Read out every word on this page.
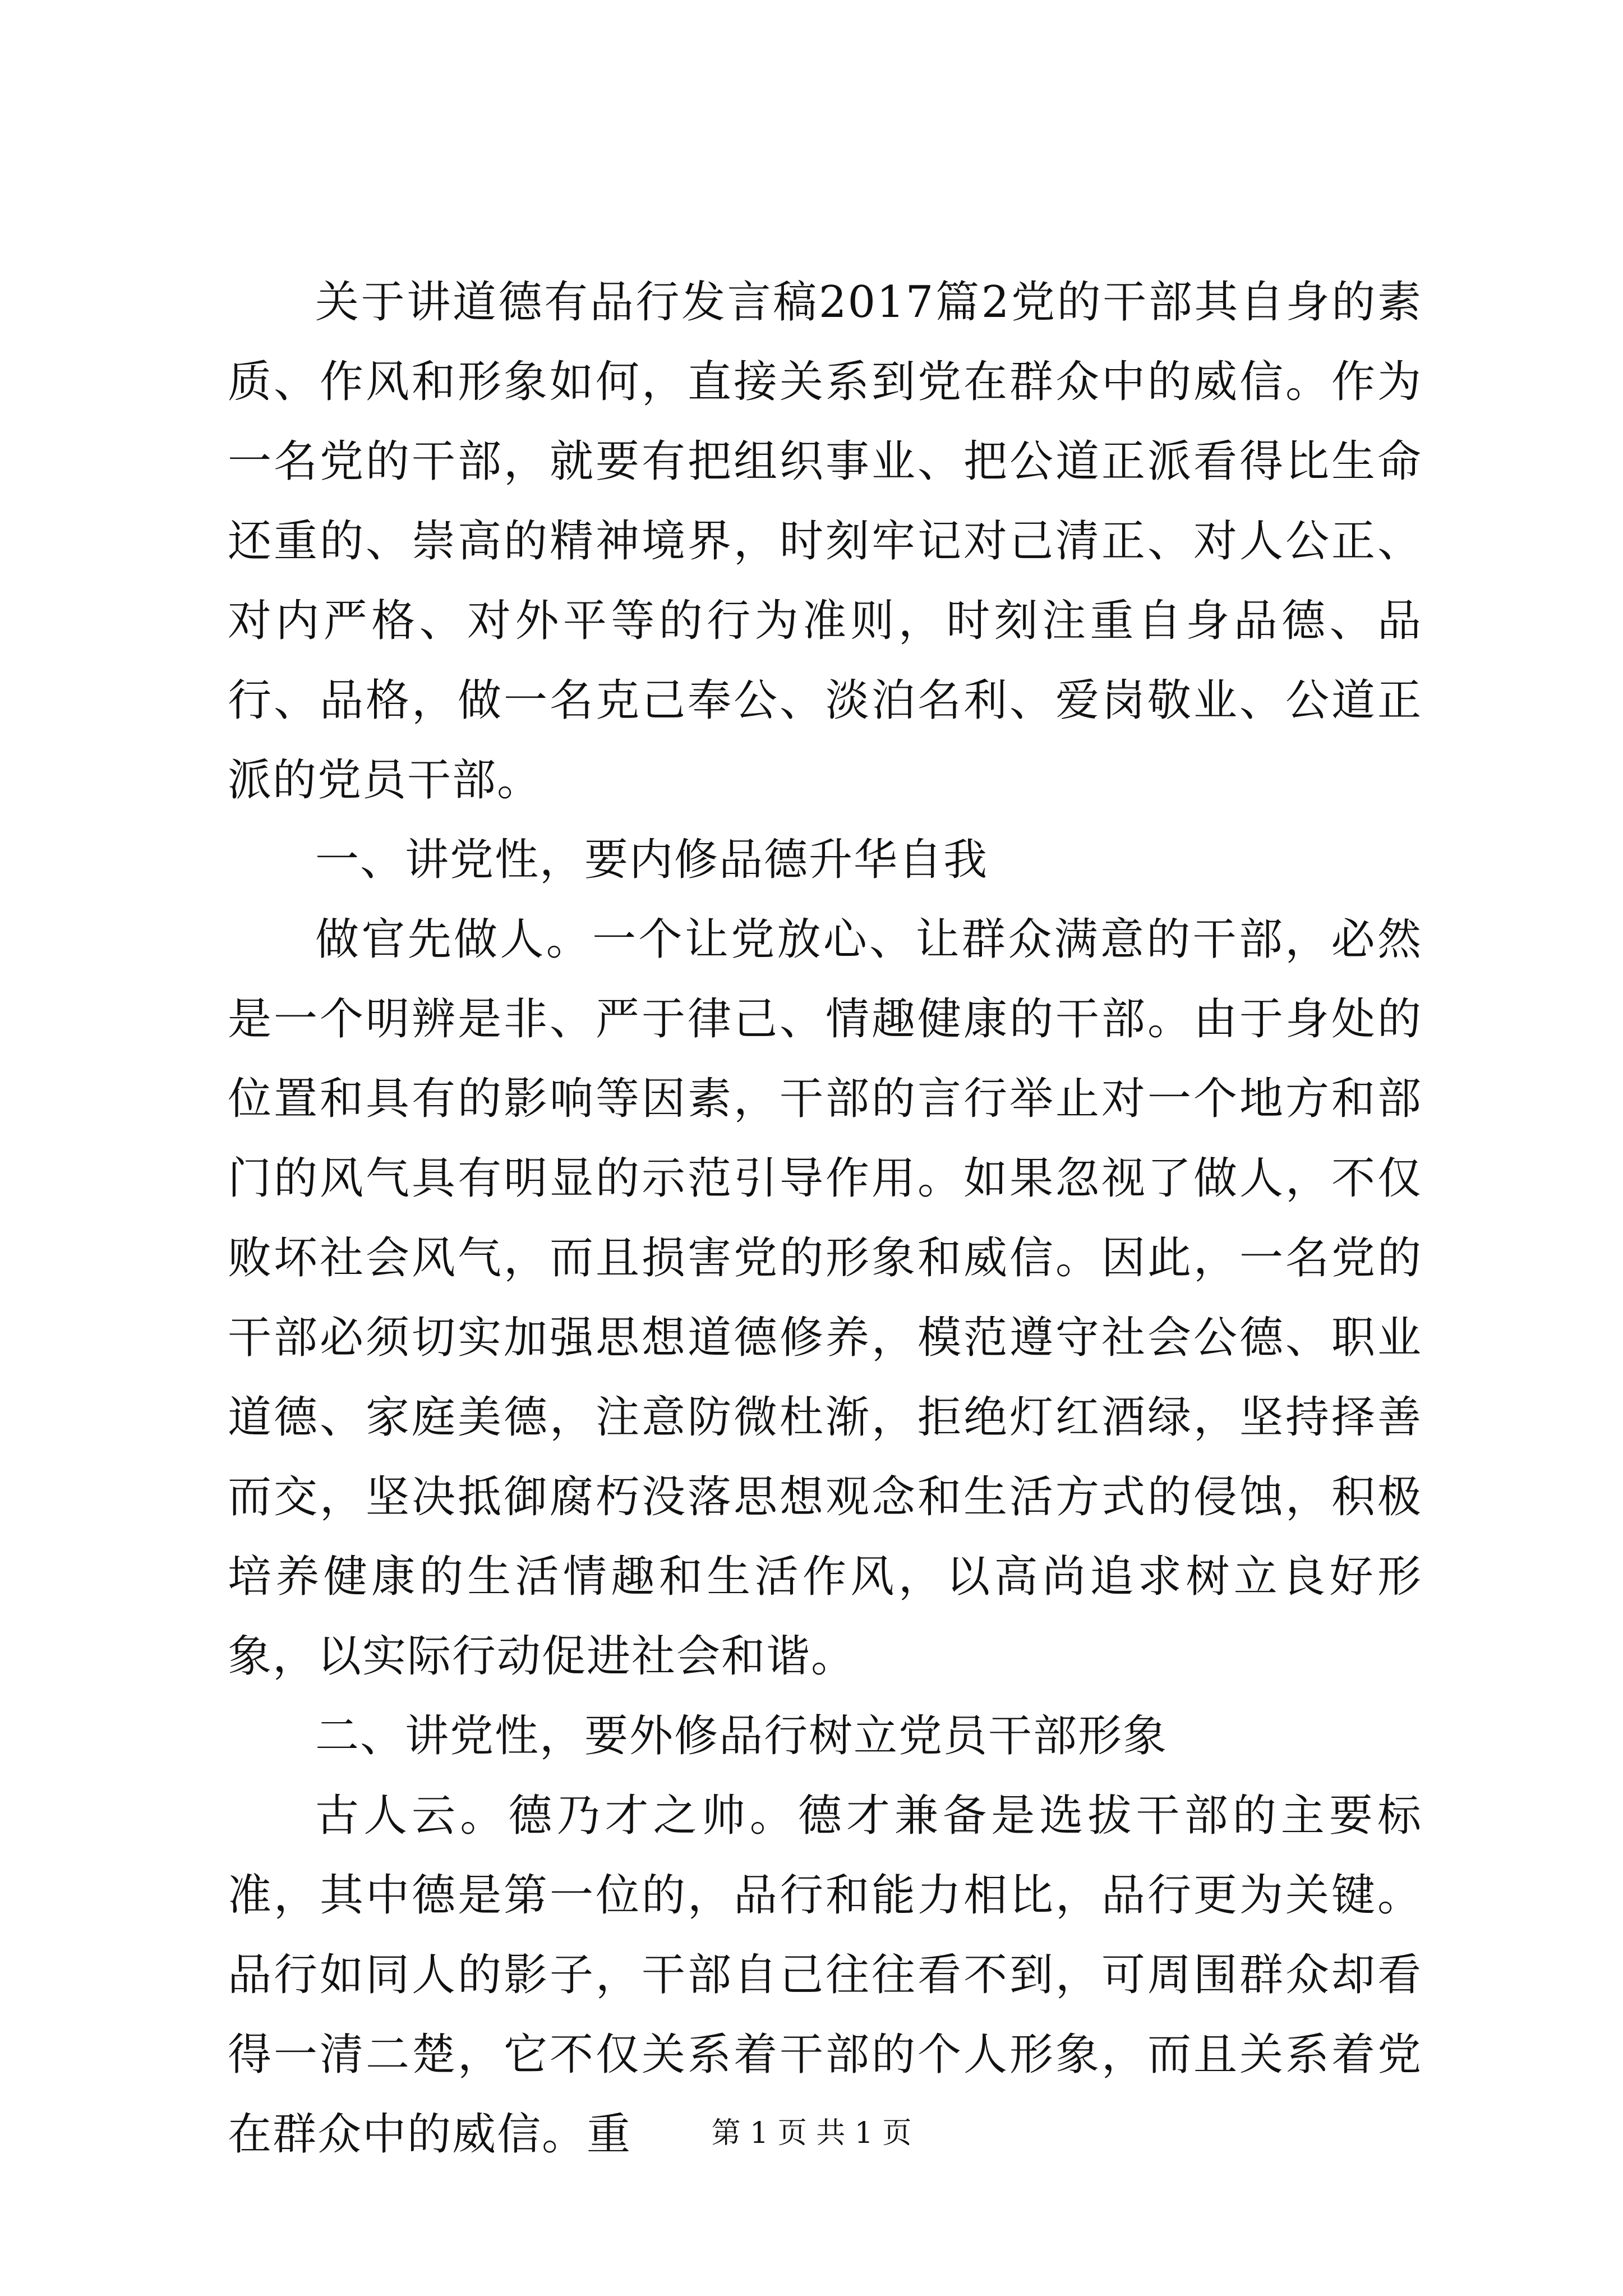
关于讲道德有品行发言稿2017篇2党的干部其自身的素质、作风和形象如何，直接关系到党在群众中的威信。作为一名党的干部，就要有把组织事业、把公道正派看得比生命还重的、崇高的精神境界，时刻牢记对己清正、对人公正、对内严格、对外平等的行为准则，时刻注重自身品德、品行、品格，做一名克己奉公、淡泊名利、爱岗敬业、公道正派的党员干部。

一、讲党性，要内修品德升华自我

做官先做人。一个让党放心、让群众满意的干部，必然是一个明辨是非、严于律己、情趣健康的干部。由于身处的位置和具有的影响等因素，干部的言行举止对一个地方和部门的风气具有明显的示范引导作用。如果忽视了做人，不仅败坏社会风气，而且损害党的形象和威信。因此，一名党的干部必须切实加强思想道德修养，模范遵守社会公德、职业道德、家庭美德，注意防微杜渐，拒绝灯红酒绿，坚持择善而交，坚决抵御腐朽没落思想观念和生活方式的侵蚀，积极培养健康的生活情趣和生活作风，以高尚追求树立良好形象，以实际行动促进社会和谐。

二、讲党性，要外修品行树立党员干部形象

古人云。德乃才之帅。德才兼备是选拔干部的主要标准，其中德是第一位的，品行和能力相比，品行更为关键。品行如同人的影子，干部自己往往看不到，可周围群众却看得一清二楚，它不仅关系着干部的个人形象，而且关系着党在群众中的威信。重	第 1 页 共 1 页
